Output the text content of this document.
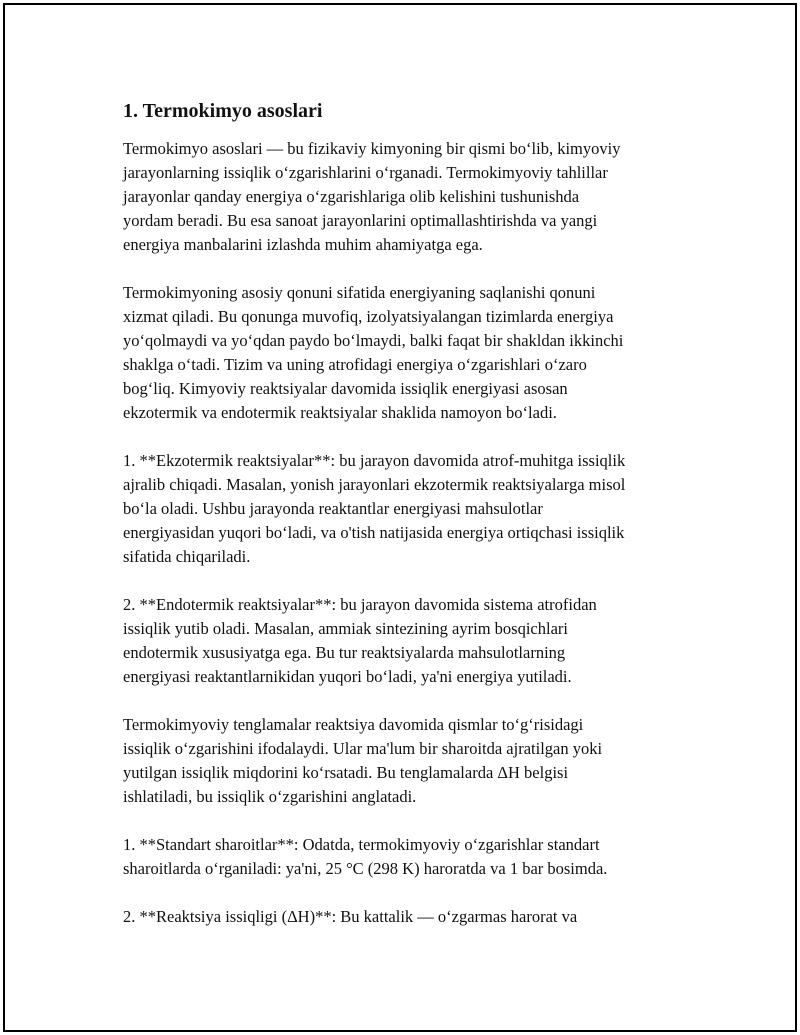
1. Termokimyo asoslari

Termokimyo asoslari — bu fizikaviy kimyoning bir qismi bo‘lib, kimyoviy
jarayonlarning issiqlik o‘zgarishlarini o‘rganadi. Termokimyoviy tahlillar
jarayonlar qanday energiya o‘zgarishlariga olib kelishini tushunishda
yordam beradi. Bu esa sanoat jarayonlarini optimallashtirishda va yangi
energiya manbalarini izlashda muhim ahamiyatga ega.

Termokimyoning asosiy qonuni sifatida energiyaning saqlanishi qonuni
xizmat qiladi. Bu qonunga muvofiq, izolyatsiyalangan tizimlarda energiya
yo‘qolmaydi va yo‘qdan paydo bo‘lmaydi, balki faqat bir shakldan ikkinchi
shaklga o‘tadi. Tizim va uning atrofidagi energiya o‘zgarishlari o‘zaro
bog‘liq. Kimyoviy reaktsiyalar davomida issiqlik energiyasi asosan
ekzotermik va endotermik reaktsiyalar shaklida namoyon bo‘ladi.

1. **Ekzotermik reaktsiyalar**: bu jarayon davomida atrof-muhitga issiqlik
ajralib chiqadi. Masalan, yonish jarayonlari ekzotermik reaktsiyalarga misol
bo‘la oladi. Ushbu jarayonda reaktantlar energiyasi mahsulotlar
energiyasidan yuqori bo‘ladi, va o'tish natijasida energiya ortiqchasi issiqlik
sifatida chiqariladi.

2. **Endotermik reaktsiyalar**: bu jarayon davomida sistema atrofidan
issiqlik yutib oladi. Masalan, ammiak sintezining ayrim bosqichlari
endotermik xususiyatga ega. Bu tur reaktsiyalarda mahsulotlarning
energiyasi reaktantlarnikidan yuqori bo‘ladi, ya'ni energiya yutiladi.

Termokimyoviy tenglamalar reaktsiya davomida qismlar to‘g‘risidagi
issiqlik o‘zgarishini ifodalaydi. Ular ma'lum bir sharoitda ajratilgan yoki
yutilgan issiqlik miqdorini ko‘rsatadi. Bu tenglamalarda ΔH belgisi
ishlatiladi, bu issiqlik o‘zgarishini anglatadi.

1. **Standart sharoitlar**: Odatda, termokimyoviy o‘zgarishlar standart
sharoitlarda o‘rganiladi: ya'ni, 25 °C (298 K) haroratda va 1 bar bosimda.

2. **Reaktsiya issiqligi (ΔH)**: Bu kattalik — o‘zgarmas harorat va
